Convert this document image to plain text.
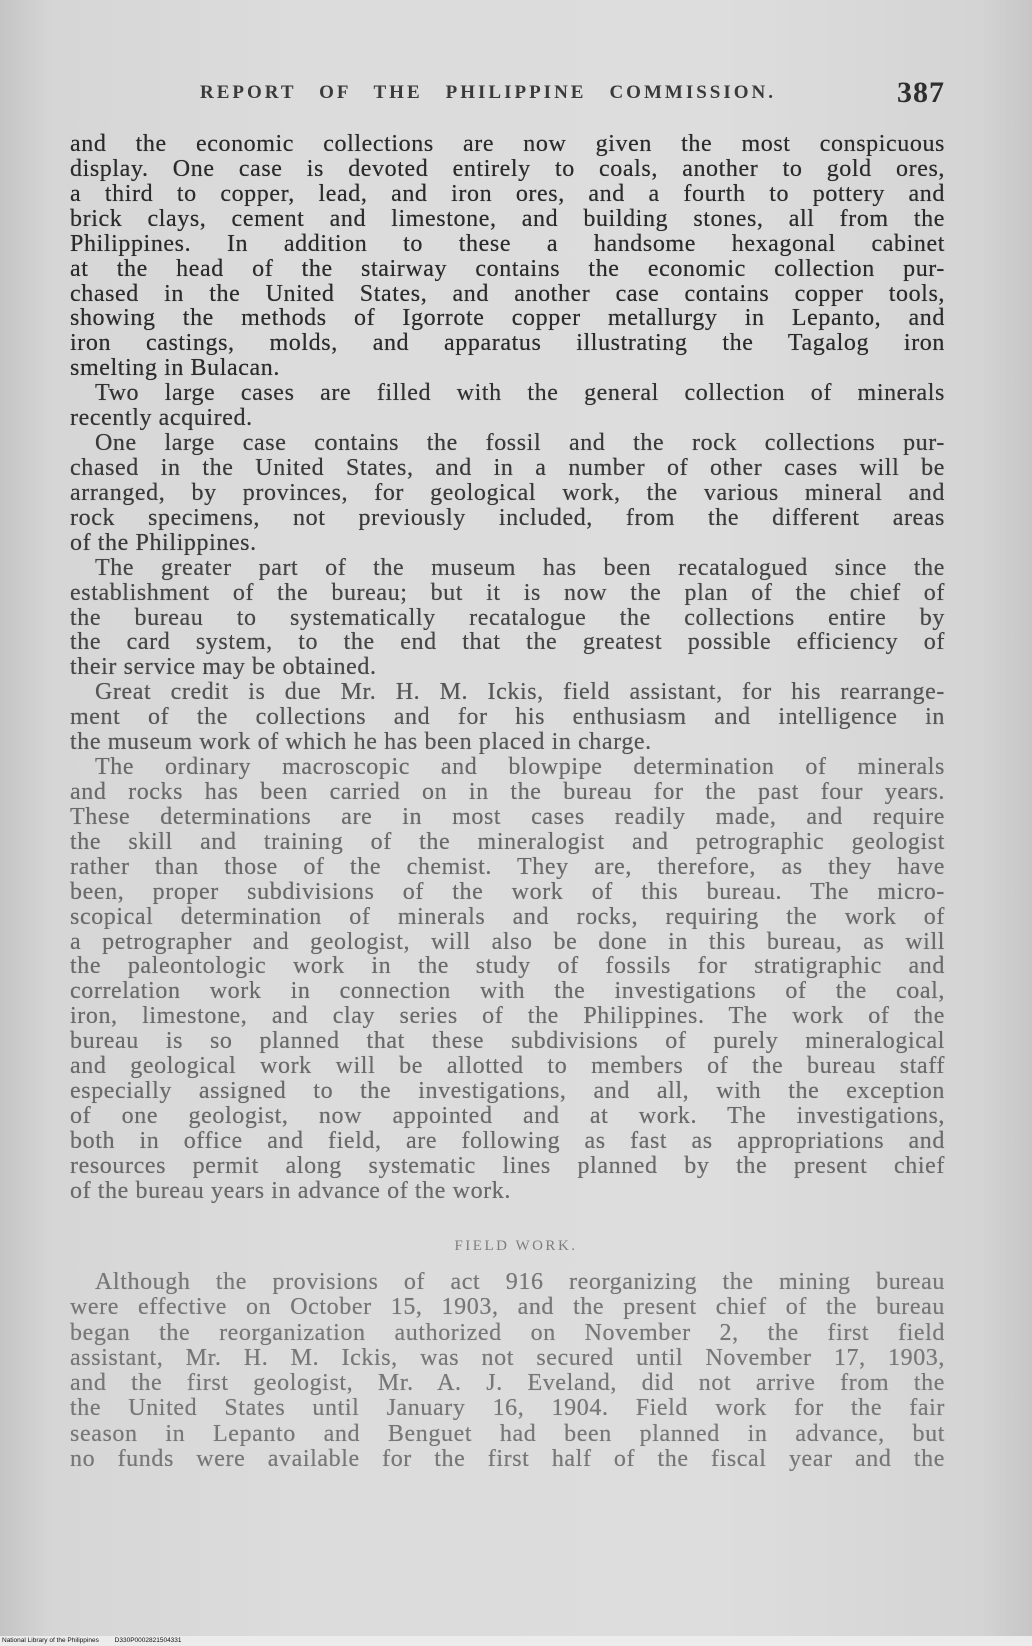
REPORT OF THE PHILIPPINE COMMISSION.	387
and the economic collections are now given the most conspicuous
display. One case is devoted entirely to coals, another to gold ores,
a third to copper, lead, and iron ores, and a fourth to pottery and
brick clays, cement and limestone, and building stones, all from the
Philippines. In addition to these a handsome hexagonal cabinet
at the head of the stairway contains the economic collection pur-
chased in the United States, and another case contains copper tools,
showing the methods of Igorrote copper metallurgy in Lepanto, and
iron castings, molds, and apparatus illustrating the Tagalog iron
smelting in Bulacan.
Two large cases are filled with the general collection of minerals
recently acquired.
One large case contains the fossil and the rock collections pur-
chased in the United States, and in a number of other cases will be
arranged, by provinces, for geological work, the various mineral and
rock specimens, not previously included, from the different areas
of the Philippines.
The greater part of the museum has been recatalogued since the
establishment of the bureau; but it is now the plan of the chief of
the bureau to systematically recatalogue the collections entire by
the card system, to the end that the greatest possible efficiency of
their service may be obtained.
Great credit is due Mr. H. M. Ickis, field assistant, for his rearrange-
ment of the collections and for his enthusiasm and intelligence in
the museum work of which he has been placed in charge.
The ordinary macroscopic and blowpipe determination of minerals
and rocks has been carried on in the bureau for the past four years.
These determinations are in most cases readily made, and require
the skill and training of the mineralogist and petrographic geologist
rather than those of the chemist. They are, therefore, as they have
been, proper subdivisions of the work of this bureau. The micro-
scopical determination of minerals and rocks, requiring the work of
a petrographer and geologist, will also be done in this bureau, as will
the paleontologic work in the study of fossils for stratigraphic and
correlation work in connection with the investigations of the coal,
iron, limestone, and clay series of the Philippines. The work of the
bureau is so planned that these subdivisions of purely mineralogical
and geological work will be allotted to members of the bureau staff
especially assigned to the investigations, and all, with the exception
of one geologist, now appointed and at work. The investigations,
both in office and field, are following as fast as appropriations and
resources permit along systematic lines planned by the present chief
of the bureau years in advance of the work.
FIELD WORK.
Although the provisions of act 916 reorganizing the mining bureau
were effective on October 15, 1903, and the present chief of the bureau
began the reorganization authorized on November 2, the first field
assistant, Mr. H. M. Ickis, was not secured until November 17, 1903,
and the first geologist, Mr. A. J. Eveland, did not arrive from the
the United States until January 16, 1904. Field work for the fair
season in Lepanto and Benguet had been planned in advance, but
no funds were available for the first half of the fiscal year and the
National Library of the Philippines D330P0002821504331
